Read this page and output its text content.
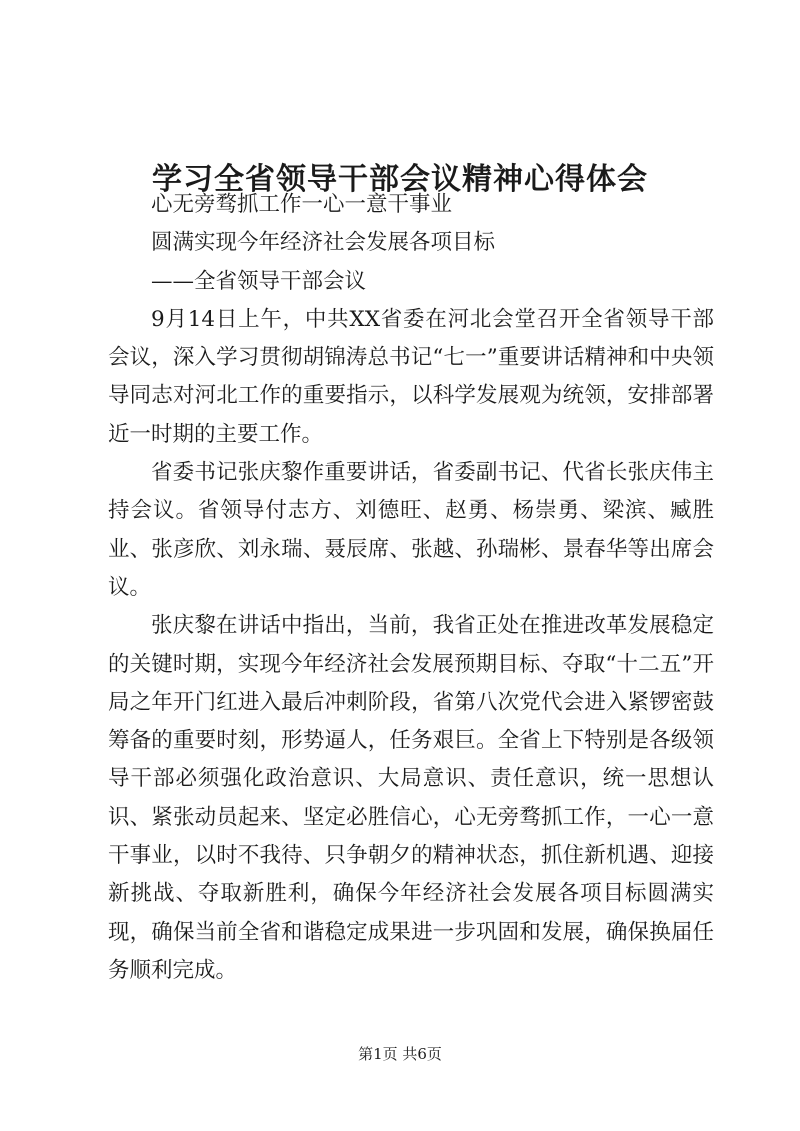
学习全省领导干部会议精神心得体会

心无旁骛抓工作一心一意干事业

圆满实现今年经济社会发展各项目标

——全省领导干部会议

9月14日上午，中共XX省委在河北会堂召开全省领导干部会议，深入学习贯彻胡锦涛总书记“七一”重要讲话精神和中央领导同志对河北工作的重要指示，以科学发展观为统领，安排部署近一时期的主要工作。

省委书记张庆黎作重要讲话，省委副书记、代省长张庆伟主持会议。省领导付志方、刘德旺、赵勇、杨崇勇、梁滨、臧胜业、张彦欣、刘永瑞、聂辰席、张越、孙瑞彬、景春华等出席会议。

张庆黎在讲话中指出，当前，我省正处在推进改革发展稳定的关键时期，实现今年经济社会发展预期目标、夺取“十二五”开局之年开门红进入最后冲刺阶段，省第八次党代会进入紧锣密鼓筹备的重要时刻，形势逼人，任务艰巨。全省上下特别是各级领导干部必须强化政治意识、大局意识、责任意识，统一思想认识、紧张动员起来、坚定必胜信心，心无旁骛抓工作，一心一意干事业，以时不我待、只争朝夕的精神状态，抓住新机遇、迎接新挑战、夺取新胜利，确保今年经济社会发展各项目标圆满实现，确保当前全省和谐稳定成果进一步巩固和发展，确保换届任务顺利完成。

第1页 共6页
